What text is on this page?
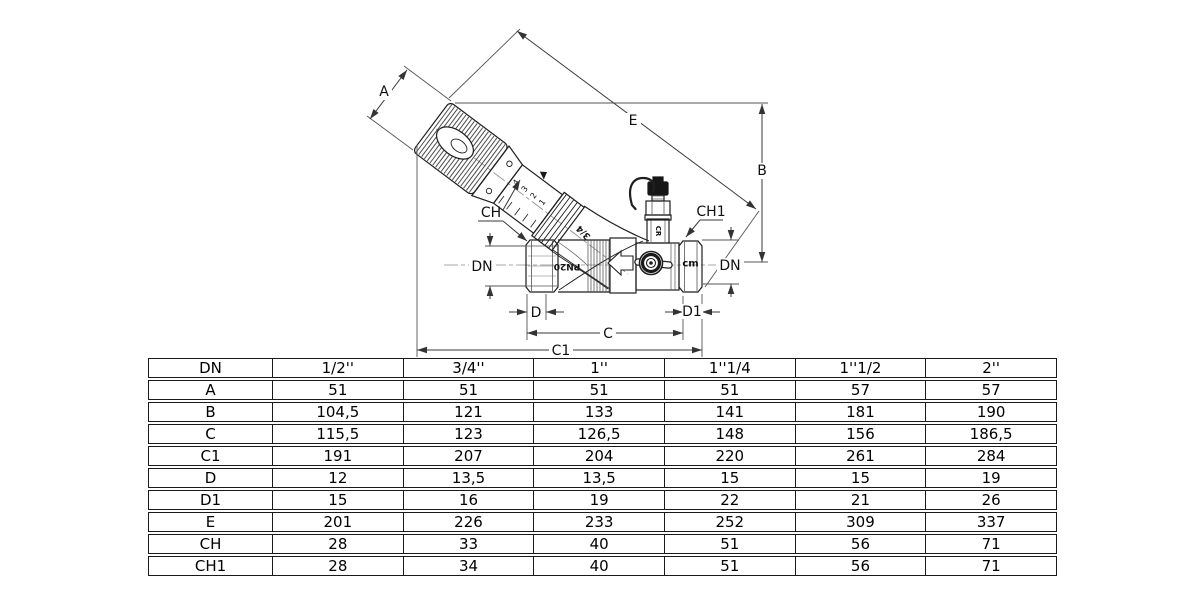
PN20
CR
cm
3/4
1
2
3
4
A
E
B
DN	DN
CH	CH1
D	D1
C
C1
DN	1/2''	3/4''	1''	1''1/4	1''1/2	2''
A	51	51	51	51	57	57
B	104,5	121	133	141	181	190
C	115,5	123	126,5	148	156	186,5
C1	191	207	204	220	261	284
D	12	13,5	13,5	15	15	19
D1	15	16	19	22	21	26
E	201	226	233	252	309	337
CH	28	33	40	51	56	71
CH1	28	34	40	51	56	71
